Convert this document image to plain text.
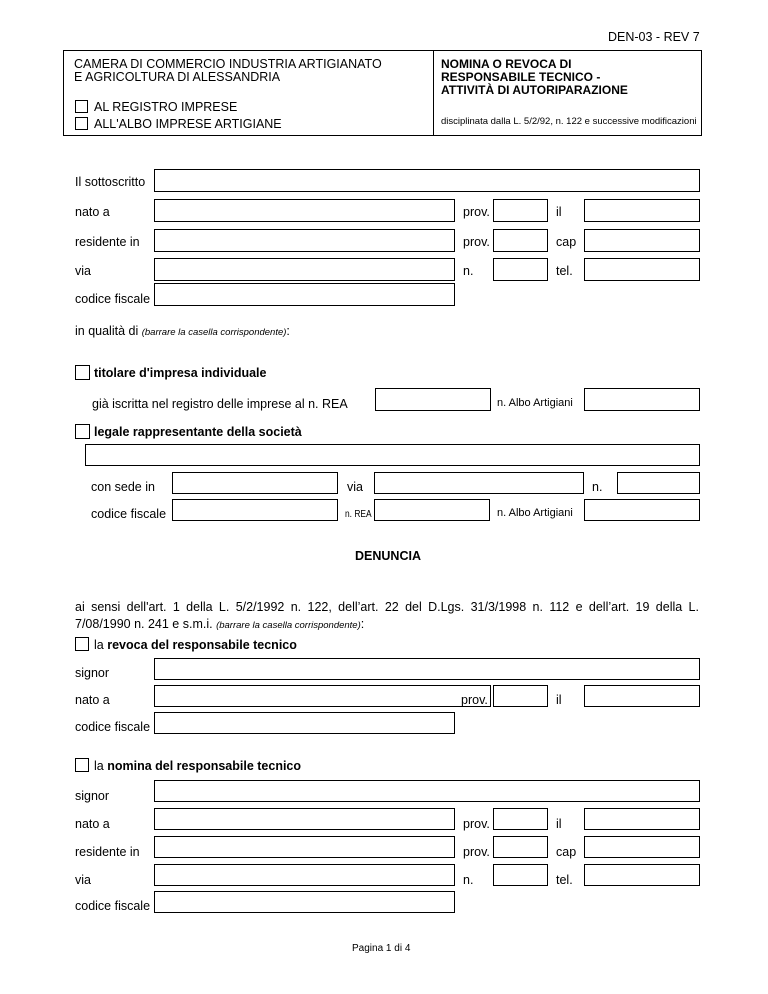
DEN-03 - REV 7
CAMERA DI COMMERCIO INDUSTRIA ARTIGIANATO
E AGRICOLTURA DI ALESSANDRIA
AL REGISTRO IMPRESE
ALL'ALBO IMPRESE ARTIGIANE
NOMINA O REVOCA DI
RESPONSABILE TECNICO -
ATTIVITÀ DI AUTORIPARAZIONE
disciplinata dalla L. 5/2/92, n. 122 e successive modificazioni
Il sottoscritto
nato a	prov.	il
residente in	prov.	cap
via	n.	tel.
codice fiscale
in qualità di (barrare la casella corrispondente):
titolare d'impresa individuale
già iscritta nel registro delle imprese al n. REA	n. Albo Artigiani
legale rappresentante della società
con sede in	via	n.
codice fiscale	n. REA	n. Albo Artigiani
DENUNCIA
ai sensi dell'art. 1 della L. 5/2/1992 n. 122, dell’art. 22 del D.Lgs. 31/3/1998 n. 112 e dell’art. 19 della L. 7/08/1990 n. 241 e s.m.i. (barrare la casella corrispondente):
la revoca del responsabile tecnico
signor
nato a	prov.	il
codice fiscale
la nomina del responsabile tecnico
signor
nato a	prov.	il
residente in	prov.	cap
via	n.	tel.
codice fiscale
Pagina 1 di 4
